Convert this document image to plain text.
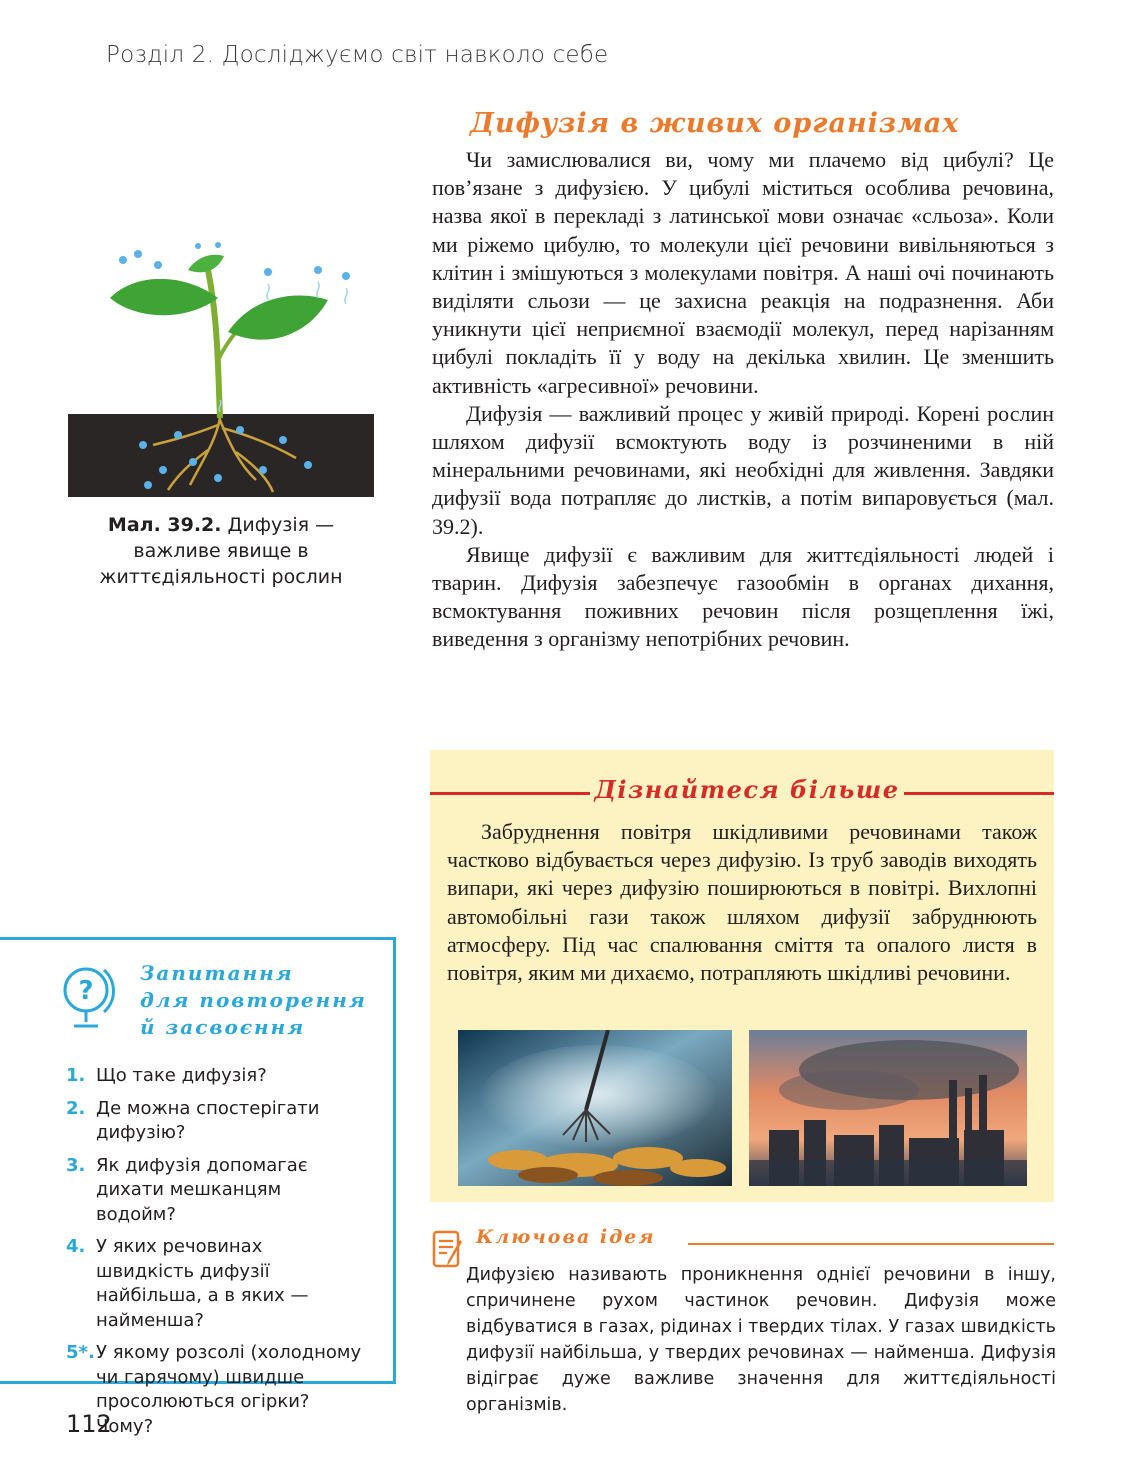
Розділ 2. Досліджуємо світ навколо себе
Дифузія в живих організмах

Чи замислювалися ви, чому ми плачемо від цибулі? Це пов’язане з дифузією. У цибулі міститься особлива речовина, назва якої в перекладі з латинської мови означає «сльоза». Коли ми ріжемо цибулю, то молекули цієї речовини вивільняються з клітин і змішуються з молекулами повітря. А наші очі починають виділяти сльози — це захисна реакція на подразнення. Аби уникнути цієї неприємної взаємодії молекул, перед нарізанням цибулі покладіть її у воду на декілька хвилин. Це зменшить активність «агресивної» речовини.

Дифузія — важливий процес у живій природі. Корені рослин шляхом дифузії всмоктують воду із розчиненими в ній мінеральними речовинами, які необхідні для живлення. Завдяки дифузії вода потрапляє до листків, а потім випаровується (мал. 39.2).

Явище дифузії є важливим для життєдіяльності людей і тварин. Дифузія забезпечує газообмін в органах дихання, всмоктування поживних речовин після розщеплення їжі, виведення з організму непотрібних речовин.

Мал. 39.2. Дифузія — важливе явище в життєдіяльності рослин
Дізнайтеся більше

Забруднення повітря шкідливими речовинами також частково відбувається через дифузію. Із труб заводів виходять випари, які через дифузію поширюються в повітрі. Вихлопні автомобільні гази також шляхом дифузії забруднюють атмосферу. Під час спалювання сміття та опалого листя в повітря, яким ми дихаємо, потрапляють шкідливі речовини.

?
Запитання
для повторення
й засвоєння
1. Що таке дифузія?
2. Де можна спостерігати дифузію?
3. Як дифузія допомагає дихати мешканцям водойм?
4. У яких речовинах швидкість дифузії найбільша, а в яких — найменша?
5*. У якому розсолі (холодному чи гарячому) швидше просолюються огірки? Чому?
Ключова ідея
Дифузією називають проникнення однієї речовини в іншу, спричинене рухом частинок речовин. Дифузія може відбуватися в газах, рідинах і твердих тілах. У газах швидкість дифузії найбільша, у твердих речовинах — найменша. Дифузія відіграє дуже важливе значення для життєдіяльності організмів.
112
